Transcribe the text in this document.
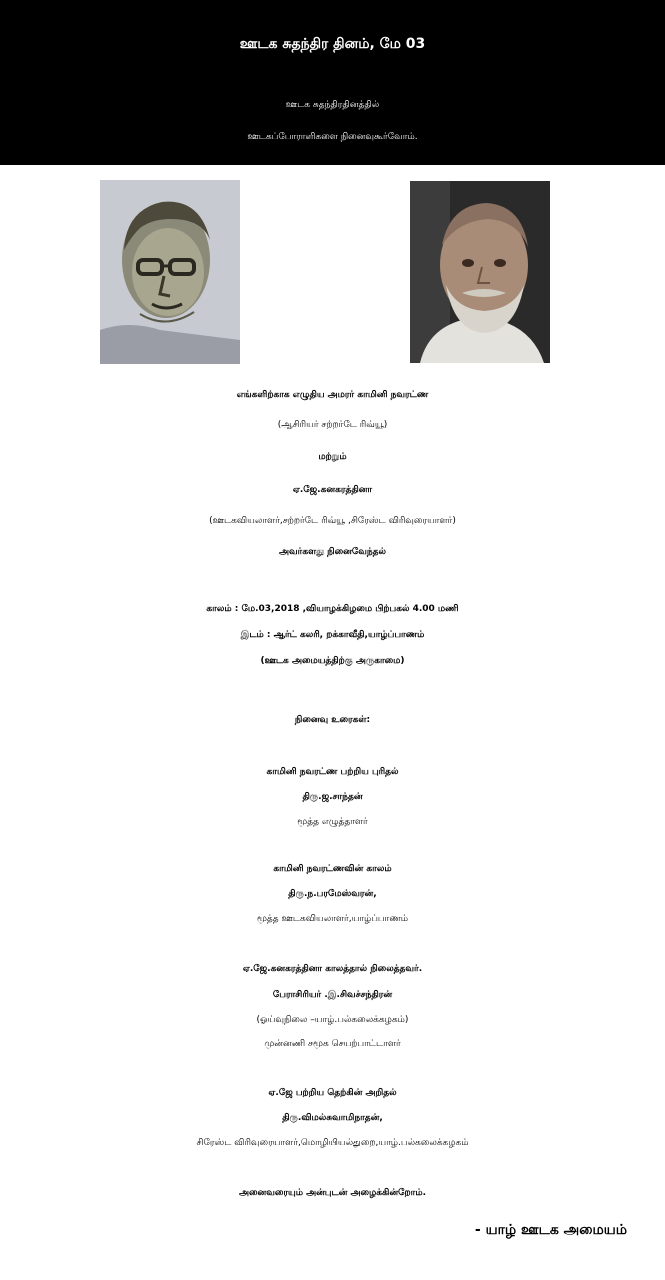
ஊடக சுதந்திர தினம், மே 03
ஊடக சுதந்திரதினத்தில்
ஊடகப்போராளிகளை நினைவுகூர்வோம்.
எங்களிற்காக எழுதிய அமரர் காமினி நவரட்ண
(ஆசிரியர் சற்றர்டே ரிவ்யூ)
மற்றும்
ஏ.ஜே.கனகரத்தினா
(ஊடகவியலாளர்,சற்றர்டே ரிவ்யூ ,சிரேஸ்ட விரிவுரையாளர்)
அவர்களது நினைவேந்தல்
காலம் : மே.03,2018 ,வியாழக்கிழமை பிற்பகல் 4.00 மணி
இடம் : ஆர்ட் கலரி, றக்காவீதி,யாழ்ப்பாணம்
(ஊடக அமையத்திற்கு அருகாமை)
நினைவு உரைகள்:
காமினி நவரட்ண பற்றிய புரிதல்
திரு.ஜ.சாந்தன்
மூத்த எழுத்தாளர்
காமினி நவரட்ணவின் காலம்
திரு.ந.பரமேஸ்வரன்,
மூத்த ஊடகவியலாளர்,யாழ்ப்பாணம்
ஏ.ஜே.கனகரத்தினா காலத்தால் நிலைத்தவர்.
பேராசிரியர் .இ.சிவச்சந்திரன்
(ஓய்வுநிலை –யாழ்.பல்கலைக்கழகம்)
முன்னணி சமூக செயற்பாட்டாளர்
ஏ.ஜே பற்றிய தெற்கின் அறிதல்
திரு.விமல்சுவாமிநாதன்,
சிரேஸ்ட விரிவுரையாளர்,மொழியியல்துறை,யாழ்.பல்கலைக்கழகம்
அனைவரையும் அன்புடன் அழைக்கின்றோம்.
- யாழ் ஊடக அமையம்
